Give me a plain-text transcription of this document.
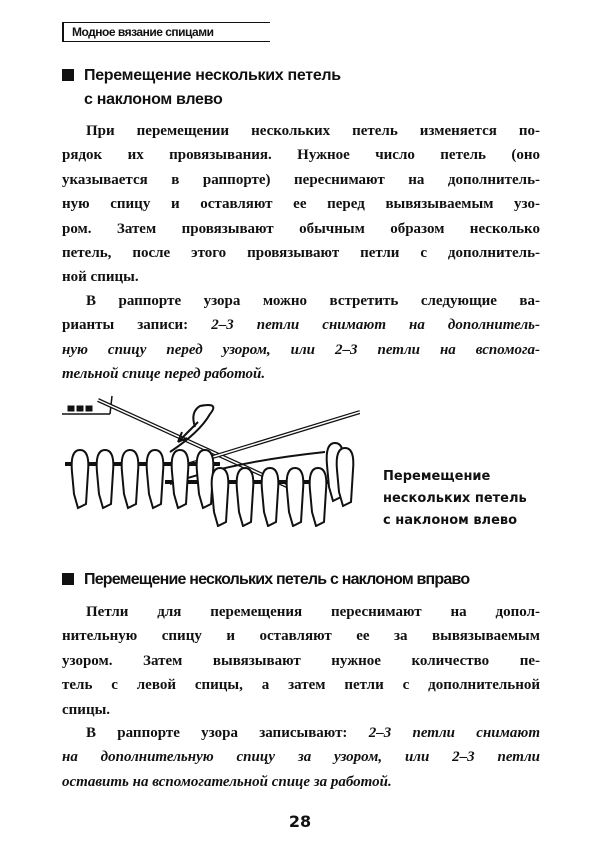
Модное вязание спицами
Перемещение нескольких петель
с наклоном влево
При перемещении нескольких петель изменяется по-
рядок их провязывания. Нужное число петель (оно
указывается в раппорте) переснимают на дополнитель-
ную спицу и оставляют ее перед вывязываемым узо-
ром. Затем провязывают обычным образом несколько
петель, после этого провязывают петли с дополнитель-
ной спицы.
В раппорте узора можно встретить следующие ва-
рианты записи: 2–3 петли снимают на дополнитель-
ную спицу перед узором, или 2–3 петли на вспомога-
тельной спице перед работой.
Перемещение
нескольких петель
с наклоном влево
Перемещение нескольких петель с наклоном вправо
Петли для перемещения переснимают на допол-
нительную спицу и оставляют ее за вывязываемым
узором. Затем вывязывают нужное количество пе-
тель с левой спицы, а затем петли с дополнительной
спицы.
В раппорте узора записывают: 2–3 петли снимают
на дополнительную спицу за узором, или 2–3 петли
оставить на вспомогательной спице за работой.
28
